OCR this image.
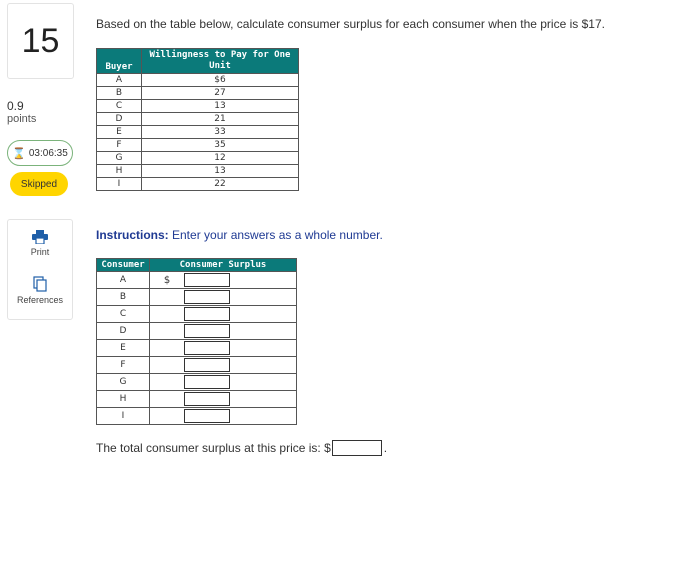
15
0.9
points
⌛ 03:06:35
Skipped
Print
References
Based on the table below, calculate consumer surplus for each consumer when the price is $17.
Buyer	Willingness to Pay for One Unit
A	$6
B	27
C	13
D	21
E	33
F	35
G	12
H	13
I	22
Instructions: Enter your answers as a whole number.
Consumer	Consumer Surplus
A	$

B	

C	

D	

E	

F	

G	

H	

I	
The total consumer surplus at this price is: $	.
